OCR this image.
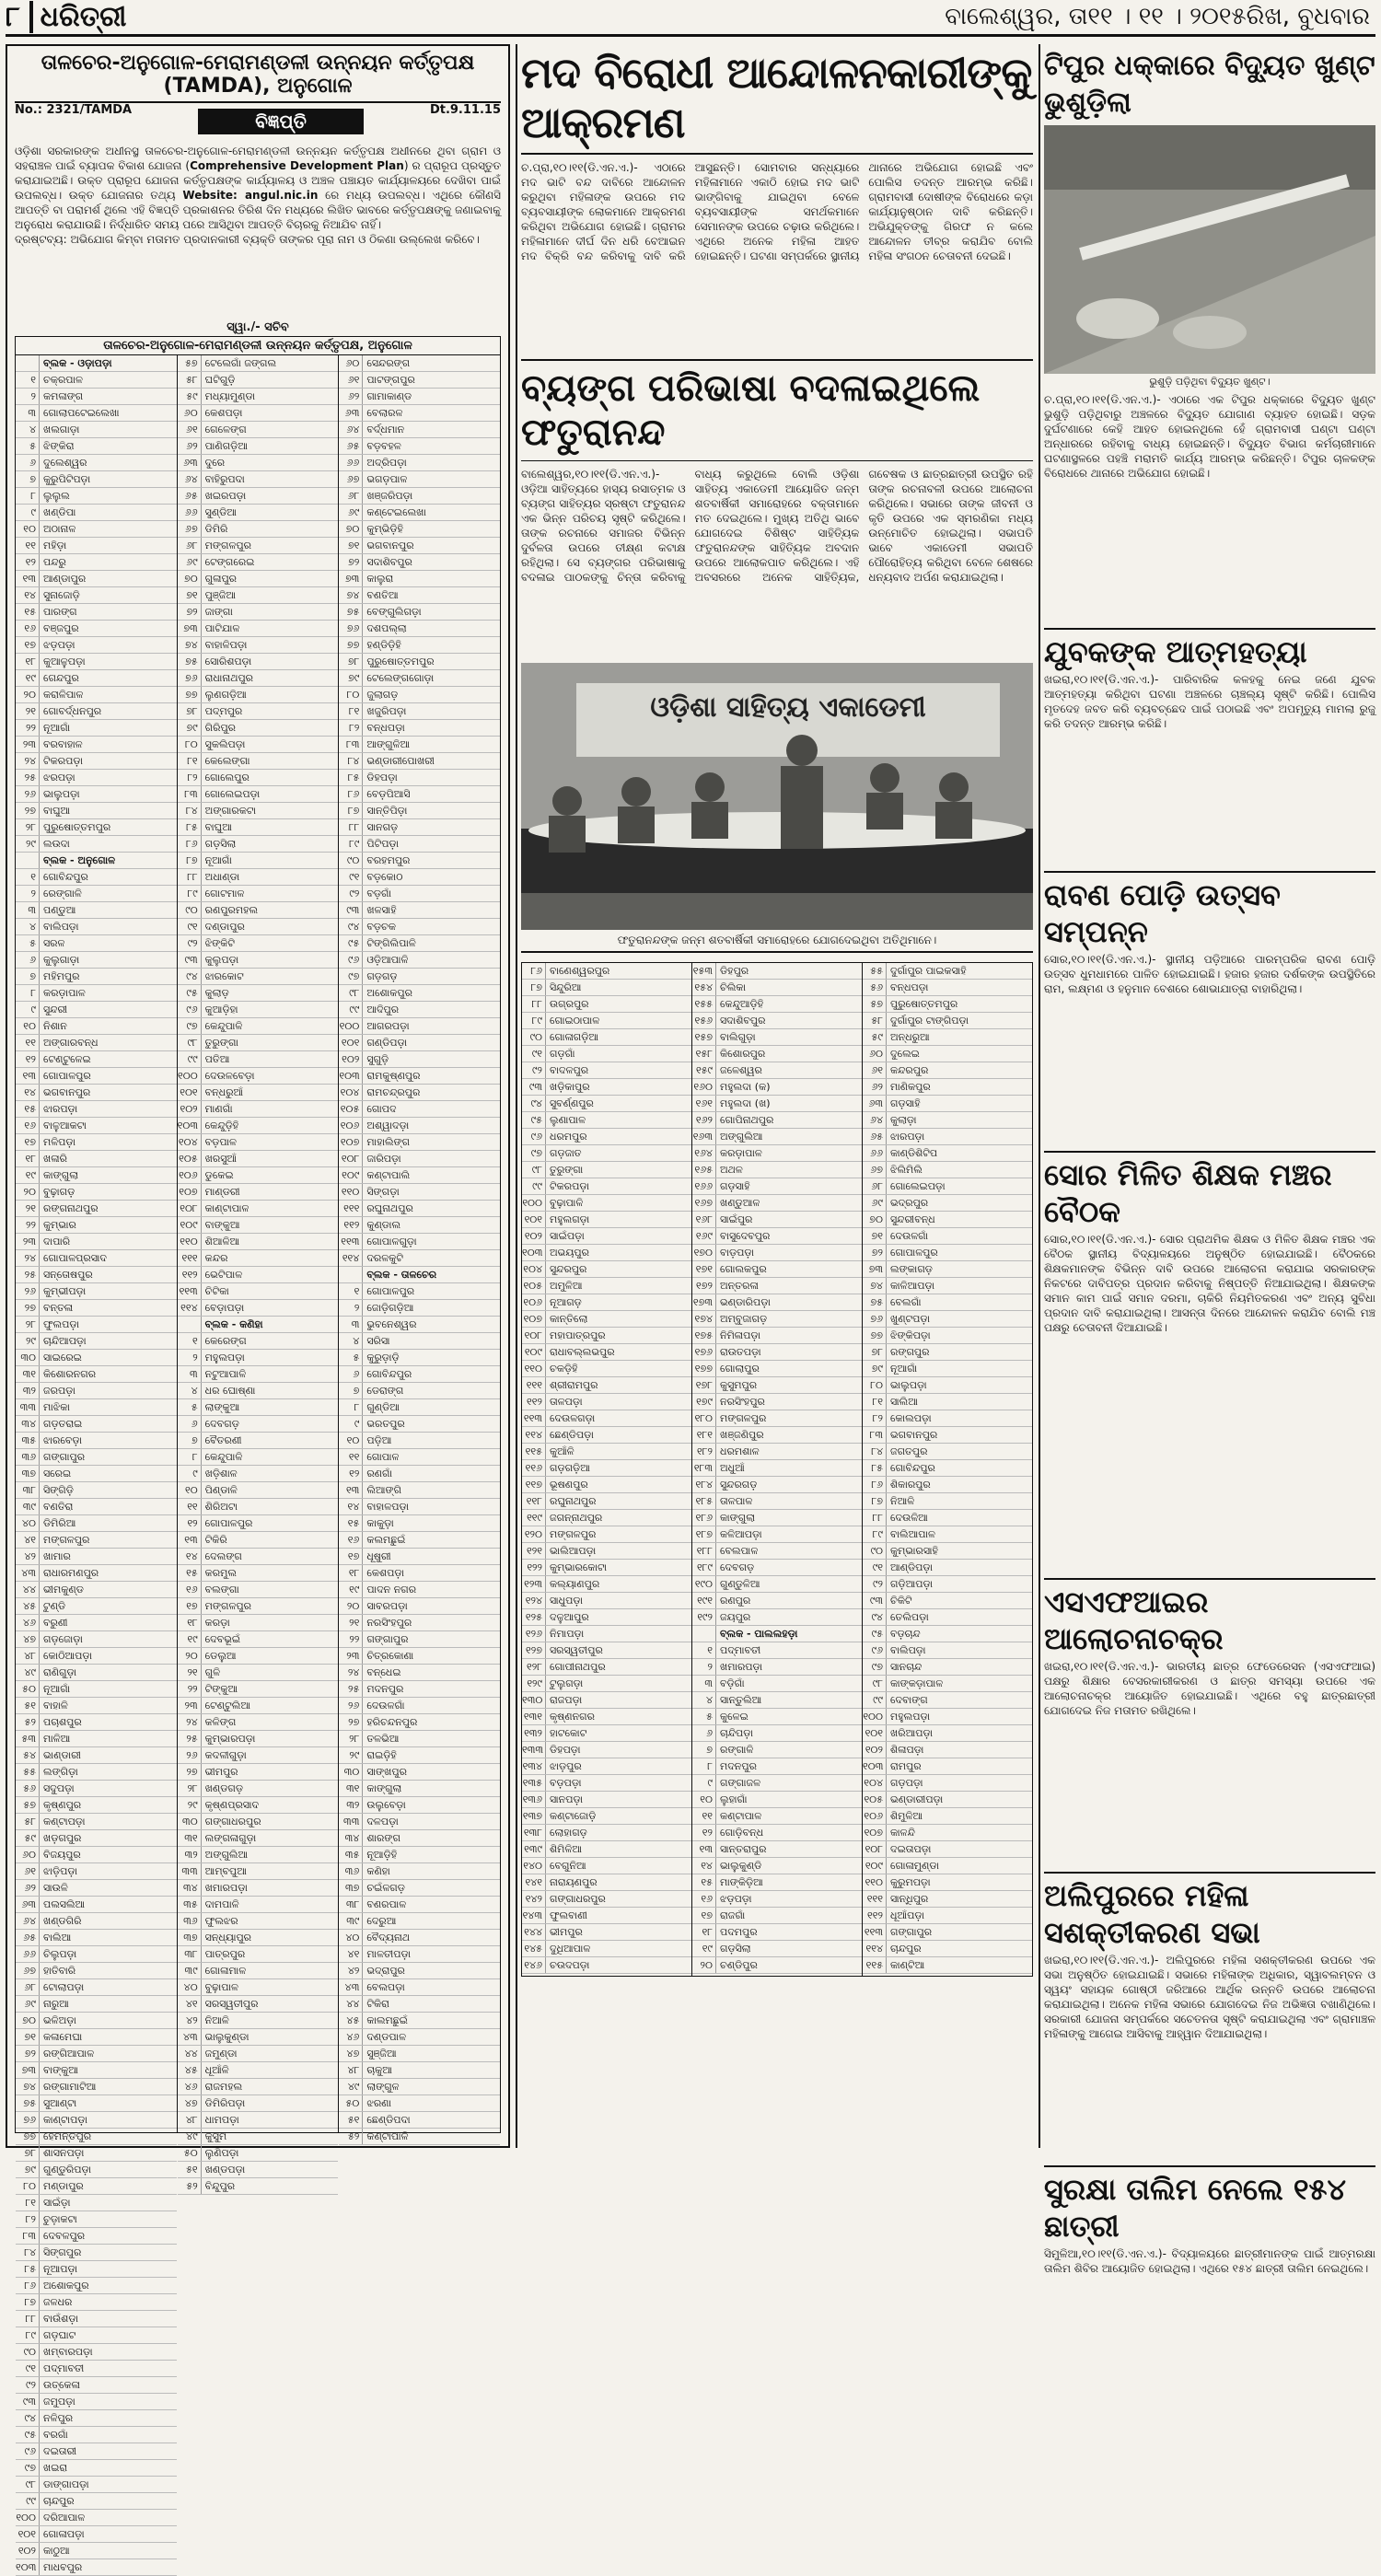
୮ ଧରିତ୍ରୀ	ବାଲେଶ୍ୱର, ତା୧୧ । ୧୧ । ୨୦୧୫ରିଖ, ବୁଧବାର
ତାଳଚେର-ଅନୁଗୋଳ-ମେରାମଣ୍ଡଳୀ ଉନ୍ନୟନ କର୍ତ୍ତୃପକ୍ଷ (TAMDA), ଅନୁଗୋଳ
No.: 2321/TAMDA
ବିଜ୍ଞପ୍ତି
Dt.9.11.15
ଓଡ଼ିଶା ସରକାରଙ୍କ ଅଧୀନସ୍ଥ ତାଳଚେର-ଅନୁଗୋଳ-ମେରାମଣ୍ଡଳୀ ଉନ୍ନୟନ କର୍ତ୍ତୃପକ୍ଷ ଅଧୀନରେ ଥିବା ଗ୍ରାମ ଓ ସହରାଞ୍ଚଳ ପାଇଁ ବ୍ୟାପକ ବିକାଶ ଯୋଜନା (Comprehensive Development Plan) ର ପ୍ରାରୂପ ପ୍ରସ୍ତୁତ କରାଯାଇଅଛି। ଉକ୍ତ ପ୍ରାରୂପ ଯୋଜନା କର୍ତ୍ତୃପକ୍ଷଙ୍କ କାର୍ଯ୍ୟାଳୟ ଓ ଅଞ୍ଚଳ ପଞ୍ଚାୟତ କାର୍ଯ୍ୟାଳୟରେ ଦେଖିବା ପାଇଁ ଉପଲବ୍ଧ। ଉକ୍ତ ଯୋଜନାର ତଥ୍ୟ Website: angul.nic.in ରେ ମଧ୍ୟ ଉପଲବ୍ଧ। ଏଥିରେ କୌଣସି ଆପତ୍ତି ବା ପରାମର୍ଶ ଥିଲେ ଏହି ବିଜ୍ଞପ୍ତି ପ୍ରକାଶନର ତିରିଶ ଦିନ ମଧ୍ୟରେ ଲିଖିତ ଭାବରେ କର୍ତ୍ତୃପକ୍ଷଙ୍କୁ ଜଣାଇବାକୁ ଅନୁରୋଧ କରାଯାଉଛି। ନିର୍ଦ୍ଧାରିତ ସମୟ ପରେ ଆସିଥିବା ଆପତ୍ତି ବିଚାରକୁ ନିଆଯିବ ନାହିଁ।
ଦ୍ରଷ୍ଟବ୍ୟ: ଅଭିଯୋଗ କିମ୍ବା ମତାମତ ପ୍ରଦାନକାରୀ ବ୍ୟକ୍ତି ତାଙ୍କର ପୂରା ନାମ ଓ ଠିକଣା ଉଲ୍ଲେଖ କରିବେ।
ସ୍ୱା./- ସଚିବ
ତାଳଚେର-ଅନୁଗୋଳ-ମେରାମଣ୍ଡଳୀ ଉନ୍ନୟନ କର୍ତ୍ତୃପକ୍ଷ, ଅନୁଗୋଳ
ବ୍ଲକ - ଓଡ଼ାପଡ଼ା
୧ ଚକ୍ରପାଳ
୨ କମଳାଙ୍ଗ
୩ ଗୋଲାପଟେଇଲେଖା
୪ ଖଲଗାଡ଼ା
୫ ଝିଙ୍କିରା
୬ ଦୁଲେଶ୍ୱର
୭ କୁରୁପିଟିପଡ଼ା
୮ ଲୁଲୁଲ
୯ ଖଣ୍ଡିପା
୧୦ ଅଠାନାଳ
୧୧ ମହିଡ଼ା
୧୨ ପନ୍ଦରୁ
୧୩ ଆଣ୍ଡାପୁର
୧୪ ସୁନାଜୋଡ଼ି
୧୫ ପାରଙ୍ଗ
୧୬ ବଞ୍ଜପୁର
୧୭ ଝଡ଼ପଡ଼ା
୧୮ କୁଆଳୁପଡ଼ା
୧୯ ଗେନ୍ଦପୁର
୨୦ କରାଳିପାଳ
୨୧ ଗୋବର୍ଦ୍ଧନପୁର
୨୨ ନୂଆଗାଁ
୨୩ ବରବାହାଳ
୨୪ ଟିକରପଡ଼ା
୨୫ ଝରପଡ଼ା
୨୬ ଭାଲୁପଡ଼ା
୨୭ ବାଘୁଆ
୨୮ ପୁରୁଷୋତ୍ତମପୁର
୨୯ ଲଉଦା
ବ୍ଲକ - ଅନୁଗୋଳ
୧ ଗୋବିନ୍ଦପୁର
୨ ରେଙ୍ଗାଳି
୩ ପଣ୍ଡୁଆ
୪ ବାଲିପଡ଼ା
୫ ସରଳ
୬ କୁଲୁଗାଡ଼ା
୭ ମହିମପୁର
୮ କରଡ଼ାପାଳ
୯ ସୁନ୍ଦରୀ
୧୦ ନିଶାନ
୧୧ ଅଙ୍ଗାରବନ୍ଧ
୧୨ ଟେଣ୍ଟୁଳେଇ
୧୩ ଗୋପାଳପୁର
୧୪ ଭଗବାନପୁର
୧୫ ଝାରପଡ଼ା
୧୬ ବାଳୁଆକଟା
୧୭ ମଳିପଡ଼ା
୧୮ ଖଳାରି
୧୯ କାଙ୍ଗୁଲା
୨୦ ବୁଢ଼ାଗଡ଼
୨୧ ରଙ୍ଗନାଥପୁର
୨୨ କୁମ୍ଭାର
୨୩ ଦାପାରି
୨୪ ଗୋପାଳପ୍ରସାଦ
୨୫ ସନ୍ତୋଷପୁର
୨୬ କୁମ୍ଭୀପଡ଼ା
୨୭ ବନ୍ତଳା
୨୮ ଫୁଲପଡ଼ା
୨୯ ଚାନ୍ଦିଆପଡ଼ା
୩୦ ସାଇରେଇ
୩୧ କିଶୋରନଗର
୩୨ ଜରପଡ଼ା
୩୩ ମାଝିକା
୩୪ ଗଡ଼ତରାଇ
୩୫ ଝାରବେଡ଼ା
୩୬ ଗଙ୍ଗାପୁର
୩୭ ସରେଇ
୩୮ ସିଙ୍ଗିଡ଼ି
୩୯ ବଣତିରା
୪୦ ଡିମିରିଆ
୪୧ ମଙ୍ଗଳପୁର
୪୨ ଖାମାର
୪୩ ରାଧାରମଣପୁର
୪୪ ଭୀମକୁଣ୍ଡ
୪୫ ଟୁଣ୍ଡି
୪୬ ବରୁଣୀ
୪୭ ଗଡ଼ଜୋଡ଼ା
୪୮ କୋଠିଆପଡ଼ା
୪୯ ରାଣିଗୁଡ଼ା
୫୦ ନୂଆଗାଁ
୫୧ ବାହାଳି
୫୨ ପଚାଶପୁର
୫୩ ମାଳିଆ
୫୪ ଭାଣ୍ଡାରୀ
୫୫ ଲଙ୍ଗିଡ଼ା
୫୬ ସଦୁପଡ଼ା
୫୭ କୃଷ୍ଣପୁର
୫୮ କଣ୍ଟାପଡ଼ା
୫୯ ଖଡ଼ଗପୁର
୬୦ ବିଜୟପୁର
୬୧ ଝାଡ଼ିପଡ଼ା
୬୨ ସାଉଳି
୬୩ ପଲସଲିଆ
୬୪ ଖଣ୍ଡଗିରି
୬୫ ବାଲିଆ
୬୬ ଚିଲୁପଡ଼ା
୬୭ ହାତିବାରି
୬୮ ଟୋଲାପଡ଼ା
୬୯ ନାରୁଆ
୭୦ ଭଳିଅଡ଼ା
୭୧ କଳାମେଘା
୭୨ ରଙ୍ଗିଆପାଳ
୭୩ ବାଙ୍କୁଆ
୭୪ ରଙ୍ଗାମାଟିଆ
୭୫ ସୁଆଣ୍ଟା
୭୬ କାଣ୍ଟାପଡ଼ା
୭୭ ହେମନ୍ତପୁର
୭୮ ଶାସନପଡ଼ା
୭୯ ଗୁଣ୍ଡୁରିପଡ଼ା
୮୦ ମଣ୍ଡାପୁର
୮୧ ସାଇଁଡ଼ା
୮୨ ଚୁଡ଼ାକଟା
୮୩ ଦେବଳପୁର
୮୪ ସିଙ୍ଗପୁର
୮୫ ନୂଆପଡ଼ା
୮୬ ଅଶୋକପୁର
୮୭ ଜଳଧର
୮୮ ବାଉଁଶଡ଼ା
୮୯ ଗଡ଼ଘାଟ
୯୦ ଖମ୍ବାରପଡ଼ା
୯୧ ପଦ୍ମାବତୀ
୯୨ ଉତ୍କେଳା
୯୩ ଜମୁପଡ଼ା
୯୪ ନଳିପୁର
୯୫ ବରଗାଁ
୯୬ ଦଇତାରୀ
୯୭ ଖଇରା
୯୮ ଡାଙ୍ଗାପଡ଼ା
୯୯ ଚାନ୍ଦପୁର
୧୦୦ ଦରିଆପାଳ
୧୦୧ ଗୋଳାପଡ଼ା
୧୦୨ କାଠୁଆ
୧୦୩ ମାଧବପୁର
୫୭ ଟେଲେଗାଁ ଜଙ୍ଗଲ
୫୮ ଘଟିଗୁଡ଼ି
୫୯ ମଧ୍ୟାମୁଣ୍ଡା
୬୦ କେଶପଡ଼ା
୬୧ ଗେଳେଙ୍ଗ
୬୨ ପାଣିଗଡ଼ିଆ
୬୩ ଦୁରେ
୬୪ ବାହିରୁପଦା
୬୫ ଖଇରପଡ଼ା
୬୬ ସୁଣ୍ଡିଆ
୬୭ ଡିମିରି
୬୮ ମଙ୍ଗଳପୁର
୬୯ ଟେଙ୍ଗରେଇ
୭୦ ଗୁଳାପୁର
୭୧ ପୁଞ୍ଜିଆ
୭୨ ଜାଙ୍ଗା
୭୩ ପାଟିଯାଳ
୭୪ ବାହାଳିପଡ଼ା
୭୫ ସୋରିଶପଡ଼ା
୭୬ ରାଧାନାଥପୁର
୭୭ ଲୁଣଗଡ଼ିଆ
୭୮ ପଦ୍ମପୁର
୭୯ ଗିରିପୁର
୮୦ ସୁକଲିପଡ଼ା
୮୧ କେଲେଙ୍ଗା
୮୨ ଗୋଲେପୁର
୮୩ ଗୋଲେଇପଡ଼ା
୮୪ ଅଙ୍ଗାରକଟା
୮୫ ବାଘୁଆ
୮୬ ଗଡ଼ସିଲା
୮୭ ନୂଆଗାଁ
୮୮ ଅଧାଣ୍ଡା
୮୯ ଗୋଟମାଳ
୯୦ ରଣପୁରମହଲ
୯୧ ଦଣ୍ଡାପୁର
୯୨ ଝିଙ୍କିଟି
୯୩ କୁଲୁପଡ଼ା
୯୪ ଝାରକୋଟ
୯୫ କୁଲାଡ଼
୯୬ କୁଆଡ଼ିହା
୯୭ କେନ୍ଦୁପାଳି
୯୮ ତୁରୁଙ୍ଗା
୯୯ ପତିଆ
୧୦୦ ଦେଉଳବେଡ଼ା
୧୦୧ ବନ୍ଧରୁଆଁ
୧୦୨ ମାଣଗାଁ
୧୦୩ କେନ୍ଦୁଡ଼ିହି
୧୦୪ ବଡ଼ପାଳ
୧୦୫ ଖରସୁଆଁ
୧୦୬ ଡୁକେଇ
୧୦୭ ମାଣ୍ଡରୀ
୧୦୮ କାଣ୍ଟାପାଳ
୧୦୯ ବାଙ୍କୁଆ
୧୧୦ ଶିଆଳିଆ
୧୧୧ କନ୍ଦର
୧୧୨ ଭେଟିପାଳ
୧୧୩ ଚିଟିକା
୧୧୪ ବେଡ଼ାପଡ଼ା
ବ୍ଲକ - କଣିହା
୧ କେରେଙ୍ଗ
୨ ମହୁଲପଡ଼ା
୩ ନଟୁଆପାଳି
୪ ଧର ଘୋଷ୍ଣା
୫ ଲାଙ୍କୁଆ
୬ ଦେବଗଡ଼
୭ ବୈତରଣୀ
୮ କେନ୍ଦୁପାଳି
୯ ଖଡ଼ିଶାଳ
୧୦ ପିଣ୍ଡାଳି
୧୧ ଶିରିଅଟା
୧୨ ଗୋପାଳପୁର
୧୩ ଟିକିରି
୧୪ ଦେଲଙ୍ଗ
୧୫ କରମୁଲ
୧୬ ବଲଙ୍ଗା
୧୭ ମଙ୍ଗଳପୁର
୧୮ କରଡ଼ା
୧୯ ଦେବଭୂଇଁ
୨୦ ଡେଲୁଆ
୨୧ ଗୁଳି
୨୨ ଟିଙ୍କୁଆ
୨୩ ଟେଣ୍ଟୁଲିଆ
୨୪ କଳିଙ୍ଗ
୨୫ କୁମ୍ଭାରପଡ଼ା
୨୬ କଦଳୀଗୁଡ଼ା
୨୭ ଭୀମପୁର
୨୮ ଖଣ୍ଡଗଡ଼
୨୯ କୃଷ୍ଣପ୍ରସାଦ
୩୦ ଗଙ୍ଗାଧରପୁର
୩୧ ଲଙ୍ଗଳାଗୁଡ଼ା
୩୨ ଅଙ୍ଗୁଲିଆ
୩୩ ଆମ୍ବପୁଆ
୩୪ ଖମାରପଡ଼ା
୩୫ ଦାମପାଳି
୩୬ ଫୁଲଝର
୩୭ ସନ୍ଧ୍ୟାପୁର
୩୮ ପାତ୍ରପୁର
୩୯ ଗୋଳାମାଳ
୪୦ ବୁଢ଼ାପାଳ
୪୧ ସରସ୍ୱତୀପୁର
୪୨ ନିଆଳି
୪୩ ଭାଲୁକୁଣ୍ଡା
୪୪ ଜମୁଣ୍ଡା
୪୫ ଧୂଆଁଳି
୪୬ ରାଜମହଲ
୪୭ ଡିମିରିପଡ଼ା
୪୮ ଧାମପଡ଼ା
୪୯ କୁସୁମ
୫୦ ଲୁଣିପଡ଼ା
୫୧ ଖଣ୍ଡପଡ଼ା
୫୨ ବିନ୍ଦୁପୁର
୬୦ ସେନ୍ଦରଙ୍ଗ
୬୧ ପାଟଙ୍ଗପୁର
୬୨ ଗାମାକାଣ୍ଡ
୬୩ ବେଲାରଳ
୬୪ ବର୍ଦ୍ଧମାନ
୬୫ ବଡ଼ବହଳ
୬୬ ଅଦ୍ରିପଡ଼ା
୬୭ ଭଗଡ଼ପାଳ
୬୮ ଖଞ୍ଜରିପଡ଼ା
୬୯ କଣ୍ଟେଇଲେଖା
୭୦ କୁମ୍ଭିଡ଼ିହି
୭୧ ଭଗବାନପୁର
୭୨ ସଦାଶିବପୁର
୭୩ କାଲୁରା
୭୪ ବଣତିଆ
୭୫ ବେଙ୍ଗୁଲିଗଡ଼ା
୭୬ ଦଶପଲ୍ଲା
୭୭ ହଣ୍ଡିଡ଼ିହି
୭୮ ପୁରୁଷୋତ୍ତମପୁର
୭୯ ଟେଲେଙ୍ଗଗୋଡ଼ା
୮୦ ଜୁଲାଗଡ଼
୮୧ ଖଜୁରିପଡ଼ା
୮୨ ବନ୍ଧପଡ଼ା
୮୩ ଆଙ୍ଗୁଳିଆ
୮୪ ଭଣ୍ଡାରୀପୋଖରୀ
୮୫ ଡିହପଡ଼ା
୮୬ ବେଡ଼ପିଆସି
୮୭ ସାନ୍ତିପିଡ଼ା
୮୮ ସାନଗଡ଼
୮୯ ପିଟିପଡ଼ା
୯୦ ବରହମପୁର
୯୧ ବଡ଼କୋଠ
୯୨ ବଡ଼ଗାଁ
୯୩ ଖଳସାହି
୯୪ ବଡ଼ଚକ
୯୫ ଟିଙ୍ଗିଲିପାଳି
୯୬ ଓଡ଼ିଆପାଳି
୯୭ ଗଡ଼ଗଡ଼
୯୮ ଅଶୋକପୁର
୯୯ ଆଦିପୁର
୧୦୦ ଆଗରପଡ଼ା
୧୦୧ ଗଣ୍ଡିପଡ଼ା
୧୦୨ ସୁଗୁଡ଼ି
୧୦୩ ରାମକୁଷ୍ଣପୁର
୧୦୪ ରାମଚନ୍ଦ୍ରପୁର
୧୦୫ ଗୋପଦ
୧୦୬ ଅଶ୍ୱାଦଡ଼ା
୧୦୭ ମାହାଲିଙ୍ଗ
୧୦୮ ଜାରିପଡ଼ା
୧୦୯ କଣ୍ଟାପାଲି
୧୧୦ ସିଙ୍ଗଡ଼ା
୧୧୧ ରଘୁନାଥପୁର
୧୧୨ କୁଣ୍ଡାଲ
୧୧୩ ଗୋପାଳଗୁଡ଼ା
୧୧୪ ଦରଳକୁଟି
ବ୍ଲକ - ତାଳଚେର
୧ ଗୋପାଳପୁର
୨ ଜୋଡ଼ିଗଡ଼ିଆ
୩ ଭୁବନେଶ୍ୱର
୪ ସରିସା
୫ କୁରୁଡ଼ାଡ଼ି
୬ ଗୋବିନ୍ଦପୁର
୭ ଡେରାଙ୍ଗ
୮ ଗୁଣ୍ଡିଆ
୯ ଭରତପୁର
୧୦ ପଡ଼ିଆ
୧୧ ଗୋପାଳ
୧୨ ରଣଗାଁ
୧୩ ଲିଆଙ୍ଗି
୧୪ ବାହାଳପଡ଼ା
୧୫ କାକୁଡ଼ା
୧୬ କଲମଛୁଇଁ
୧୭ ଧୂଷୁରୀ
୧୮ କେଶପଡ଼ା
୧୯ ପାଦନ ନଗର
୨୦ ସାବରପଡ଼ା
୨୧ ନରସିଂହପୁର
୨୨ ଗଙ୍ଗାପୁର
୨୩ ଚିତ୍ରକୋଣା
୨୪ ବନ୍ଧେଇ
୨୫ ମଦନପୁର
୨୬ ଦେଉଳଗାଁ
୨୭ ହରିଚନ୍ଦନପୁର
୨୮ ତଳଭିଆ
୨୯ ରାଇଡ଼ିହି
୩୦ ସାଙ୍ଖପୁର
୩୧ କାଙ୍ଗୁଲା
୩୨ ଉଲୁବେଡ଼ା
୩୩ ଦଳପଡ଼ା
୩୪ ଶାରଙ୍ଗ
୩୫ ନୂଆଡ଼ିହି
୩୬ କଣିହା
୩୭ ଚଇଁଳଗଡ଼
୩୮ ବଣରପାଳ
୩୯ ଦେରୁଆ
୪୦ ବୈଦ୍ୟନାଥ
୪୧ ମାଳତୀପଡ଼ା
୪୨ ଭଦ୍ରାପୁର
୪୩ ବେଲପଡ଼ା
୪୪ ଟିକିରା
୪୫ କାଲମଛୁଇଁ
୪୬ ଦଣ୍ଡପାଳ
୪୭ ସୁଞ୍ଜିଆ
୪୮ ଚାକୁଆ
୪୯ ଲାଙ୍ଗୁଳ
୫୦ ଝରଣା
୫୧ ଛେଣ୍ଡିପଦା
୫୨ କଣ୍ଟାପାଳି
ମଦ ବିରୋଧୀ ଆନ୍ଦୋଳନକାରୀଙ୍କୁ ଆକ୍ରମଣ
ଚ.ପ୍ରା,୧୦।୧୧(ଡି.ଏନ.ଏ.)- ଏଠାରେ ମଦ ଭାଟି ବନ୍ଦ ଦାବିରେ ଆନ୍ଦୋଳନ କରୁଥିବା ମହିଳାଙ୍କ ଉପରେ ମଦ ବ୍ୟବସାୟୀଙ୍କ ଲୋକମାନେ ଆକ୍ରମଣ କରିଥିବା ଅଭିଯୋଗ ହୋଇଛି। ଗ୍ରାମର ମହିଳାମାନେ ଦୀର୍ଘ ଦିନ ଧରି ବେଆଇନ ମଦ ବିକ୍ରି ବନ୍ଦ କରିବାକୁ ଦାବି କରି ଆସୁଛନ୍ତି। ସୋମବାର ସନ୍ଧ୍ୟାରେ ମହିଳାମାନେ ଏକାଠି ହୋଇ ମଦ ଭାଟି ଭାଙ୍ଗିବାକୁ ଯାଇଥିବା ବେଳେ ବ୍ୟବସାୟୀଙ୍କ ସମର୍ଥକମାନେ ସେମାନଙ୍କ ଉପରେ ଚଢ଼ାଉ କରିଥିଲେ। ଏଥିରେ ଅନେକ ମହିଳା ଆହତ ହୋଇଛନ୍ତି। ଘଟଣା ସମ୍ପର୍କରେ ସ୍ଥାନୀୟ ଥାନାରେ ଅଭିଯୋଗ ହୋଇଛି ଏବଂ ପୋଲିସ ତଦନ୍ତ ଆରମ୍ଭ କରିଛି। ଗ୍ରାମବାସୀ ଦୋଷୀଙ୍କ ବିରୋଧରେ କଡ଼ା କାର୍ଯ୍ୟାନୁଷ୍ଠାନ ଦାବି କରିଛନ୍ତି। ଅଭିଯୁକ୍ତଙ୍କୁ ଗିରଫ ନ କଲେ ଆନ୍ଦୋଳନ ତୀବ୍ର କରାଯିବ ବୋଲି ମହିଳା ସଂଗଠନ ଚେତାବନୀ ଦେଇଛି।
ବ୍ୟଙ୍ଗ ପରିଭାଷା ବଦଳାଇଥିଲେ ଫତୁରାନନ୍ଦ
ବାଲେଶ୍ୱର,୧୦।୧୧(ଡି.ଏନ.ଏ.)- ଓଡ଼ିଆ ସାହିତ୍ୟରେ ହାସ୍ୟ ରସାତ୍ମକ ଓ ବ୍ୟଙ୍ଗ ସାହିତ୍ୟର ସ୍ରଷ୍ଟା ଫତୁରାନନ୍ଦ ଏକ ଭିନ୍ନ ପରିଚୟ ସୃଷ୍ଟି କରିଥିଲେ। ତାଙ୍କ ରଚନାରେ ସମାଜର ବିଭିନ୍ନ ଦୁର୍ବଳତା ଉପରେ ତୀକ୍ଷ୍ଣ କଟାକ୍ଷ ରହିଥିଲା। ସେ ବ୍ୟଙ୍ଗର ପରିଭାଷାକୁ ବଦଳାଇ ପାଠକଙ୍କୁ ଚିନ୍ତା କରିବାକୁ ବାଧ୍ୟ କରୁଥିଲେ ବୋଲି ଓଡ଼ିଶା ସାହିତ୍ୟ ଏକାଡେମୀ ଆୟୋଜିତ ଜନ୍ମ ଶତବାର୍ଷିକୀ ସମାରୋହରେ ବକ୍ତାମାନେ ମତ ଦେଇଥିଲେ। ମୁଖ୍ୟ ଅତିଥି ଭାବେ ଯୋଗଦେଇ ବିଶିଷ୍ଟ ସାହିତ୍ୟିକ ଫତୁରାନନ୍ଦଙ୍କ ସାହିତ୍ୟିକ ଅବଦାନ ଉପରେ ଆଲୋକପାତ କରିଥିଲେ। ଏହି ଅବସରରେ ଅନେକ ସାହିତ୍ୟିକ, ଗବେଷକ ଓ ଛାତ୍ରଛାତ୍ରୀ ଉପସ୍ଥିତ ରହି ତାଙ୍କ ରଚନାବଳୀ ଉପରେ ଆଲୋଚନା କରିଥିଲେ। ସଭାରେ ତାଙ୍କ ଜୀବନୀ ଓ କୃତି ଉପରେ ଏକ ସ୍ମରଣିକା ମଧ୍ୟ ଉନ୍ମୋଚିତ ହୋଇଥିଲା। ସଭାପତି ଭାବେ ଏକାଡେମୀ ସଭାପତି ପୌରୋହିତ୍ୟ କରିଥିବା ବେଳେ ଶେଷରେ ଧନ୍ୟବାଦ ଅର୍ପଣ କରାଯାଇଥିଲା।
ଓଡ଼ିଶା ସାହିତ୍ୟ ଏକାଡେମୀ
ଫତୁରାନନ୍ଦଙ୍କ ଜନ୍ମ ଶତବାର୍ଷିକୀ ସମାରୋହରେ ଯୋଗଦେଇଥିବା ଅତିଥିମାନେ।
୮୬ ବାଣେଶ୍ୱରପୁର
୮୭ ସିନ୍ଦୁରିଆ
୮୮ ଉଗ୍ରପୁର
୮୯ ଗୋଇଠାପାଳ
୯୦ ଗୋଳାଗଡ଼ିଆ
୯୧ ଗଡ଼ଗାଁ
୯୨ ବାଦଳପୁର
୯୩ ଖଡ଼ିକାପୁର
୯୪ ସୁବର୍ଣ୍ଣପୁର
୯୫ ଲୁଣାପାଳ
୯୬ ଧରମପୁର
୯୭ ଗଡ଼ଜାତ
୯୮ ତୁରୁଙ୍ଗା
୯୯ ଟିକରପଡ଼ା
୧୦୦ ବୁଢ଼ାପାଳି
୧୦୧ ମହୁଲଗଡ଼ା
୧୦୨ ସାଇଁପଡ଼ା
୧୦୩ ଅଭୟପୁର
୧୦୪ ସୁନ୍ଦରପୁର
୧୦୫ ଅମୁଳିଆ
୧୦୬ ନୂଆଗଡ଼
୧୦୭ କାନ୍ତିଲୋ
୧୦୮ ମହାପାତ୍ରପୁର
୧୦୯ ରାଧାବଲ୍ଲଭପୁର
୧୧୦ ଚକଡ଼ିହି
୧୧୧ ଶ୍ରୀରାମପୁର
୧୧୨ ତାଳପଡ଼ା
୧୧୩ ଦେଉଳଗଡ଼ା
୧୧୪ ଛେଣ୍ଡିପଡ଼ା
୧୧୫ କୁଆଁଳି
୧୧୬ ଗଡ଼ଗଡ଼ିଆ
୧୧୭ ଭୂଷଣପୁର
୧୧୮ ରଘୁନାଥପୁର
୧୧୯ ଜଗନ୍ନାଥପୁର
୧୨୦ ମଙ୍ଗଳପୁର
୧୨୧ ଭାଲିଆପଡ଼ା
୧୨୨ କୁମ୍ଭାରକୋଟା
୧୨୩ କଲ୍ୟାଣପୁର
୧୨୪ ସାଧୁପଡ଼ା
୧୨୫ ଦଳୁଆପୁର
୧୨୬ ନିମାପଡ଼ା
୧୨୭ ସରସ୍ୱତୀପୁର
୧୨୮ ଗୋପୀନାଥପୁର
୧୨୯ ଟୁଲୁଗଡ଼ା
୧୩୦ ରାଜପଡ଼ା
୧୩୧ କୃଷ୍ଣନଗର
୧୩୨ ହାଟକୋଟ
୧୩୩ ଡିହପଡ଼ା
୧୩୪ ଝାଡ଼ପୁର
୧୩୫ ବଡ଼ପଡ଼ା
୧୩୬ ସାନପଡ଼ା
୧୩୭ କଣ୍ଟାଜୋଡ଼ି
୧୩୮ ଲୋହାଗଡ଼
୧୩୯ ଶିମିଳିଆ
୧୪୦ ବେଗୁନିଆ
୧୪୧ ନାରାୟଣପୁର
୧୪୨ ଗଙ୍ଗାଧରପୁର
୧୪୩ ଫୁଲବାଣୀ
୧୪୪ ଭୀମପୁର
୧୪୫ ଦୁଧିଆପାଳ
୧୪୬ ଚଉଦପଡ଼ା
୧୫୩ ଡିହପୁର
୧୫୪ ଚିଲିକା
୧୫୫ କେନ୍ଦୁଆଡ଼ିହି
୧୫୬ ସଦାଶିବପୁର
୧୫୭ ବାଲିଗୁଡ଼ା
୧୫୮ କିଶୋରପୁର
୧୫୯ ଜଳେଶ୍ୱର
୧୬୦ ମହୁଲଦା (କ)
୧୬୧ ମହୁଲଦା (ଖ)
୧୬୨ ଗୋପିନାଥପୁର
୧୬୩ ଅଙ୍ଗୁଲିଆ
୧୬୪ କରଡ଼ାପାଳ
୧୬୫ ଅଥଳ
୧୬୬ ଗଡ଼ସାହି
୧୬୭ ଖଣ୍ଡୁଆଳ
୧୬୮ ସାଇଁପୁର
୧୬୯ ବାସୁଦେବପୁର
୧୭୦ ବାଡ଼ପଡ଼ା
୧୭୧ ଗୋଲକପୁର
୧୭୨ ଅନ୍ତରଳା
୧୭୩ ଭଣ୍ଡାରିପଡ଼ା
୧୭୪ ଅମ୍ବୁଜାଗଡ଼
୧୭୫ ନିମିଳାପଡ଼ା
୧୭୬ ରାଉତପଡ଼ା
୧୭୭ ଗୋଲାପୁର
୧୭୮ କୁସୁମପୁର
୧୭୯ ନରସିଂହପୁର
୧୮୦ ମଙ୍ଗଳପୁର
୧୮୧ ଖଞ୍ଜଣିପୁର
୧୮୨ ଧରମଶାଳ
୧୮୩ ଅଧୁଆଁ
୧୮୪ ସୁନ୍ଦରଗଡ଼
୧୮୫ ତାଳପାଳ
୧୮୬ କାଙ୍ଗୁଲା
୧୮୭ କଳିଆପଡ଼ା
୧୮୮ ବେଲପାଳ
୧୮୯ ଦେବଗଡ଼
୧୯୦ ଗୁଣ୍ଡୁଳିଆ
୧୯୧ ରଣପୁର
୧୯୨ ଜୟପୁର
ବ୍ଲକ - ପାଲଲହଡ଼ା
୧ ପଦ୍ମାବତୀ
୨ ଖମାରପଡ଼ା
୩ ବଡ଼ିଗାଁ
୪ ସାନ୍ତୁଲିଆ
୫ କୁଳେଇ
୬ ଚାନ୍ଦିପଡ଼ା
୭ ରଙ୍ଗାଳି
୮ ମଦନପୁର
୯ ଗଙ୍ଗାଜଳ
୧୦ ଲୁହାଗାଁ
୧୧ କଣ୍ଟାପାଳ
୧୨ ଗୋଡ଼ିବନ୍ଧ
୧୩ ସାନ୍ତରାପୁର
୧୪ ଭାଲୁକୁଣ୍ଡି
୧୫ ମାଙ୍କିଡ଼ିଆ
୧୬ ଝଡ଼ପଡ଼ା
୧୭ ରାଜଗାଁ
୧୮ ପଦମପୁର
୧୯ ଗଡ଼ସିଲା
୨୦ ଚଣ୍ଡିପୁର
୫୫ ଦୁର୍ଗାପୁର ପାଇକସାହି
୫୬ ବନ୍ଧପଡ଼ା
୫୭ ପୁରୁଷୋତ୍ତମପୁର
୫୮ ଦୁର୍ଗାପୁର ଟାଙ୍ଗିପଡ଼ା
୫୯ ଅନ୍ଧରୁଆ
୬୦ ଦୁଲେଇ
୬୧ କନ୍ଦରପୁର
୬୨ ମାଣିକପୁର
୬୩ ଗଡ଼ସାହି
୬୪ କୁଲାଡ଼ା
୬୫ ଝାରପଡ଼ା
୬୬ କାଣ୍ଡିଶିଟିପ
୬୭ ଝିଲିମିଲି
୬୮ ଗୋଲେଇପଡ଼ା
୬୯ ଭଦ୍ରପୁର
୭୦ ସୁନ୍ଦରୀବନ୍ଧ
୭୧ ଦେଉଳଗାଁ
୭୨ ଗୋପାଳପୁର
୭୩ ଲଙ୍କାଗଡ଼
୭୪ କାଳିଆପଡ଼ା
୭୫ ବେଲଗାଁ
୭୬ ଖୁଣ୍ଟପଡ଼ା
୭୭ ଝିଙ୍କିପଡ଼ା
୭୮ ରଙ୍ଗପୁର
୭୯ ନୂଆଗାଁ
୮୦ ଭାଲୁପଡ଼ା
୮୧ ସାଲିଆ
୮୨ କୋଲପଡ଼ା
୮୩ ଭଗବାନପୁର
୮୪ ଜଗତପୁର
୮୫ ଗୋବିନ୍ଦପୁର
୮୬ ଶିକାରପୁର
୮୭ ନିଆଳି
୮୮ ଦେଉଳିଆ
୮୯ ବାଲିଆପାଳ
୯୦ କୁମ୍ଭାରସାହି
୯୧ ଆଣ୍ଡିପଡ଼ା
୯୨ ଗଡ଼ିଆପଡ଼ା
୯୩ ଚିକିଟି
୯୪ ତେଲିପଡ଼ା
୯୫ ବଡ଼ଚାନ୍ଦ
୯୬ ବାଲିପଡ଼ା
୯୭ ସାନଚାନ୍ଦ
୯୮ କାଙ୍କଡ଼ାପାଳ
୯୯ ଦେବାଙ୍ଗ
୧୦୦ ମହୁଲପଡ଼ା
୧୦୧ ଖରିଆପଡ଼ା
୧୦୨ ଶିଳାପଡ଼ା
୧୦୩ ରାମପୁର
୧୦୪ ଗଡ଼ପଡ଼ା
୧୦୫ ଭଣ୍ଡାରୀପଡ଼ା
୧୦୬ ଶିମୁଳିଆ
୧୦୭ କାଳନ୍ଦି
୧୦୮ ଦଇତାପଡ଼ା
୧୦୯ ଗୋଳାମୁଣ୍ଡା
୧୧୦ କୁରୁମପଡ଼ା
୧୧୧ ସାନ୍ଧିପୁର
୧୧୨ ଧୂଆଁପଡ଼ା
୧୧୩ ଗଙ୍ଗାପୁର
୧୧୪ ଚାନ୍ଦପୁର
୧୧୫ କାଣ୍ଟିଆ
ଟିପୁର ଧକ୍କାରେ ବିଦ୍ୟୁତ ଖୁଣ୍ଟ ଭୁଶୁଡ଼ିଲା
ଭୁଶୁଡ଼ି ପଡ଼ିଥିବା ବିଦ୍ୟୁତ ଖୁଣ୍ଟ।

ଚ.ପ୍ରା,୧୦।୧୧(ଡି.ଏନ.ଏ.)- ଏଠାରେ ଏକ ଟିପୁର ଧକ୍କାରେ ବିଦ୍ୟୁତ ଖୁଣ୍ଟ ଭୁଶୁଡ଼ି ପଡ଼ିଥିବାରୁ ଅଞ୍ଚଳରେ ବିଦ୍ୟୁତ ଯୋଗାଣ ବ୍ୟାହତ ହୋଇଛି। ସଡ଼କ ଦୁର୍ଘଟଣାରେ କେହି ଆହତ ହୋଇନଥିଲେ ହେଁ ଗ୍ରାମବାସୀ ଘଣ୍ଟା ଘଣ୍ଟା ଅନ୍ଧାରରେ ରହିବାକୁ ବାଧ୍ୟ ହୋଇଛନ୍ତି। ବିଦ୍ୟୁତ ବିଭାଗ କର୍ମଚାରୀମାନେ ଘଟଣାସ୍ଥଳରେ ପହଞ୍ଚି ମରାମତି କାର୍ଯ୍ୟ ଆରମ୍ଭ କରିଛନ୍ତି। ଟିପୁର ଚାଳକଙ୍କ ବିରୋଧରେ ଥାନାରେ ଅଭିଯୋଗ ହୋଇଛି।

ଯୁବକଙ୍କ ଆତ୍ମହତ୍ୟା

ଖଇରା,୧୦।୧୧(ଡି.ଏନ.ଏ.)- ପାରିବାରିକ କଳହକୁ ନେଇ ଜଣେ ଯୁବକ ଆତ୍ମହତ୍ୟା କରିଥିବା ଘଟଣା ଅଞ୍ଚଳରେ ଚାଞ୍ଚଲ୍ୟ ସୃଷ୍ଟି କରିଛି। ପୋଲିସ ମୃତଦେହ ଜବତ କରି ବ୍ୟବଚ୍ଛେଦ ପାଇଁ ପଠାଇଛି ଏବଂ ଅପମୃତ୍ୟୁ ମାମଲା ରୁଜୁ କରି ତଦନ୍ତ ଆରମ୍ଭ କରିଛି।

ରାବଣ ପୋଡ଼ି ଉତ୍ସବ ସମ୍ପନ୍ନ

ସୋର,୧୦।୧୧(ଡି.ଏନ.ଏ.)- ସ୍ଥାନୀୟ ପଡ଼ିଆରେ ପାରମ୍ପରିକ ରାବଣ ପୋଡ଼ି ଉତ୍ସବ ଧୁମଧାମରେ ପାଳିତ ହୋଇଯାଇଛି। ହଜାର ହଜାର ଦର୍ଶକଙ୍କ ଉପସ୍ଥିତିରେ ରାମ, ଲକ୍ଷ୍ମଣ ଓ ହନୁମାନ ବେଶରେ ଶୋଭାଯାତ୍ରା ବାହାରିଥିଲା।

ସୋର ମିଳିତ ଶିକ୍ଷକ ମଞ୍ଚର ବୈଠକ

ସୋର,୧୦।୧୧(ଡି.ଏନ.ଏ.)- ସୋର ପ୍ରାଥମିକ ଶିକ୍ଷକ ଓ ମିଳିତ ଶିକ୍ଷକ ମଞ୍ଚର ଏକ ବୈଠକ ସ୍ଥାନୀୟ ବିଦ୍ୟାଳୟରେ ଅନୁଷ୍ଠିତ ହୋଇଯାଇଛି। ବୈଠକରେ ଶିକ୍ଷକମାନଙ୍କ ବିଭିନ୍ନ ଦାବି ଉପରେ ଆଲୋଚନା କରାଯାଇ ସରକାରଙ୍କ ନିକଟରେ ଦାବିପତ୍ର ପ୍ରଦାନ କରିବାକୁ ନିଷ୍ପତ୍ତି ନିଆଯାଇଥିଲା। ଶିକ୍ଷକଙ୍କ ସମାନ କାମ ପାଇଁ ସମାନ ଦରମା, ଚାକିରି ନିୟମିତକରଣ ଏବଂ ଅନ୍ୟ ସୁବିଧା ପ୍ରଦାନ ଦାବି କରାଯାଇଥିଲା। ଆସନ୍ତା ଦିନରେ ଆନ୍ଦୋଳନ କରାଯିବ ବୋଲି ମଞ୍ଚ ପକ୍ଷରୁ ଚେତାବନୀ ଦିଆଯାଇଛି।

ଏସଏଫଆଇର ଆଲୋଚନାଚକ୍ର

ଖଇରା,୧୦।୧୧(ଡି.ଏନ.ଏ.)- ଭାରତୀୟ ଛାତ୍ର ଫେଡେରେସନ (ଏସଏଫଆଇ) ପକ୍ଷରୁ ଶିକ୍ଷାର ବେସରକାରୀକରଣ ଓ ଛାତ୍ର ସମସ୍ୟା ଉପରେ ଏକ ଆଲୋଚନାଚକ୍ର ଆୟୋଜିତ ହୋଇଯାଇଛି। ଏଥିରେ ବହୁ ଛାତ୍ରଛାତ୍ରୀ ଯୋଗଦେଇ ନିଜ ମତାମତ ରଖିଥିଲେ।

ଅଲିପୁରରେ ମହିଳା ସଶକ୍ତୀକରଣ ସଭା

ଖଇରା,୧୦।୧୧(ଡି.ଏନ.ଏ.)- ଅଲିପୁରରେ ମହିଳା ସଶକ୍ତୀକରଣ ଉପରେ ଏକ ସଭା ଅନୁଷ୍ଠିତ ହୋଇଯାଇଛି। ସଭାରେ ମହିଳାଙ୍କ ଅଧିକାର, ସ୍ୱାବଲମ୍ବନ ଓ ସ୍ୱୟଂ ସହାୟକ ଗୋଷ୍ଠୀ ଜରିଆରେ ଆର୍ଥିକ ଉନ୍ନତି ଉପରେ ଆଲୋଚନା କରାଯାଇଥିଲା। ଅନେକ ମହିଳା ସଭାରେ ଯୋଗଦେଇ ନିଜ ଅଭିଜ୍ଞତା ବଖାଣିଥିଲେ। ସରକାରୀ ଯୋଜନା ସମ୍ପର୍କରେ ସଚେତନତା ସୃଷ୍ଟି କରାଯାଇଥିଲା ଏବଂ ଗ୍ରାମାଞ୍ଚଳ ମହିଳାଙ୍କୁ ଆଗେଇ ଆସିବାକୁ ଆହ୍ୱାନ ଦିଆଯାଇଥିଲା।

ସୁରକ୍ଷା ତାଲିମ ନେଲେ ୧୫୪ ଛାତ୍ରୀ

ସିମୁଳିଆ,୧୦।୧୧(ଡି.ଏନ.ଏ.)- ବିଦ୍ୟାଳୟରେ ଛାତ୍ରୀମାନଙ୍କ ପାଇଁ ଆତ୍ମରକ୍ଷା ତାଲିମ ଶିବିର ଆୟୋଜିତ ହୋଇଥିଲା। ଏଥିରେ ୧୫୪ ଛାତ୍ରୀ ତାଲିମ ନେଇଥିଲେ।
